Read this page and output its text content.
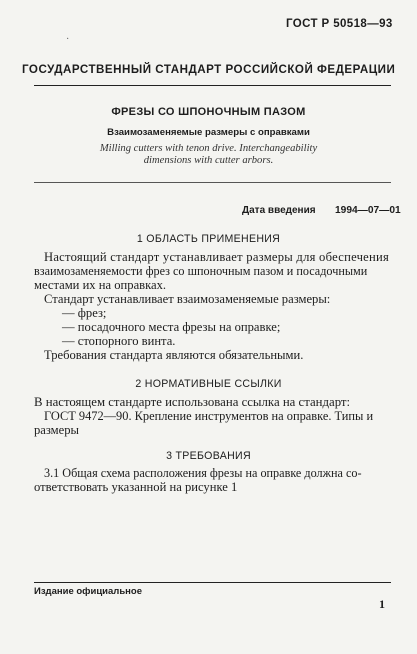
ГОСТ Р 50518—93
·
ГОСУДАРСТВЕННЫЙ СТАНДАРТ РОССИЙСКОЙ ФЕДЕРАЦИИ
ФРЕЗЫ СО ШПОНОЧНЫМ ПАЗОМ
Взаимозаменяемые размеры с оправками
Milling cutters with tenon drive. Interchangeability
dimensions with cutter arbors.
Дата введения 1994—07—01
1 ОБЛАСТЬ ПРИМЕНЕНИЯ
Настоящий стандарт устанавливает размеры для обеспечения
взаимозаменяемости фрез со шпоночным пазом и посадочными
местами их на оправках.
Стандарт устанавливает взаимозаменяемые размеры:
— фрез;
— посадочного места фрезы на оправке;
— стопорного винта.
Требования стандарта являются обязательными.
2 НОРМАТИВНЫЕ ССЫЛКИ
В настоящем стандарте использована ссылка на стандарт:
ГОСТ 9472—90. Крепление инструментов на оправке. Типы и
размеры
3 ТРЕБОВАНИЯ
3.1 Общая схема расположения фрезы на оправке должна со-
ответствовать указанной на рисунке 1
Издание официальное
1
